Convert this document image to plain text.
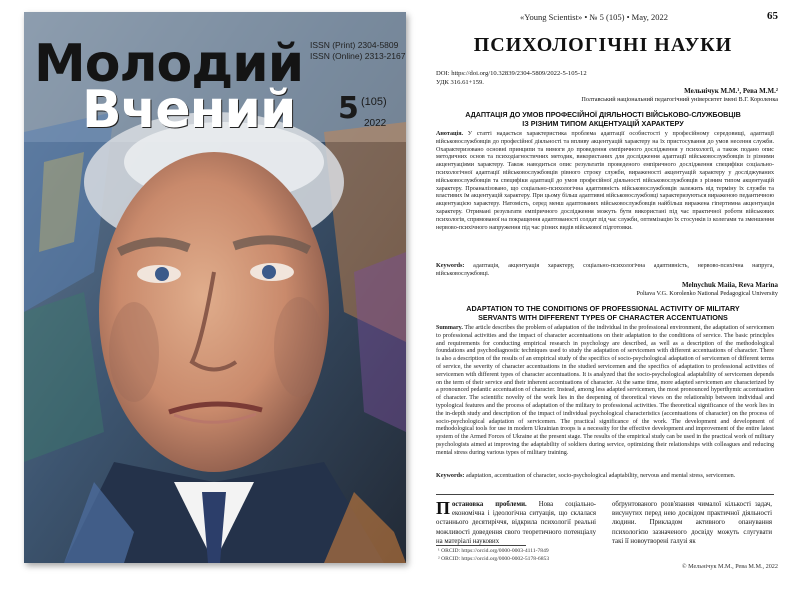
Молодий
Вчений
ISSN (Print) 2304-5809
ISSN (Online) 2313-2167
5 (105)
2022
«Young Scientist» • № 5 (105) • May, 2022	65
ПСИХОЛОГІЧНІ НАУКИ
DOI: https://doi.org/10.32839/2304-5809/2022-5-105-12
УДК 316.61+159.
Мельнічук М.М.¹, Рева М.М.²
Полтавський національний педагогічний університет імені В.Г. Короленка
АДАПТАЦІЯ ДО УМОВ ПРОФЕСІЙНОЇ ДІЯЛЬНОСТІ ВІЙСЬКОВО-СЛУЖБОВЦІВ
ІЗ РІЗНИМ ТИПОМ АКЦЕНТУАЦІЙ ХАРАКТЕРУ
Анотація. У статті надається характеристика проблема адаптації особистості у професійному середовищі, адаптації військовослужбовців до професійної діяльності та впливу акцентуацій характеру на їх пристосування до умов несення служби. Охарактеризовано основні принципи та вимоги до проведення емпіричного дослідження у психології, а також подано опис методичних основ та психодіагностичних методик, використаних для дослідження адаптації військовослужбовців із різними акцентуаціями характеру. Також наводиться опис результатів проведеного емпіричного дослідження специфіки соціально-психологічної адаптації військовослужбовців рівного строку служби, вираженості акцентуацій характеру у досліджуваних військовослужбовців та специфіки адаптації до умов професійної діяльності військовослужбовців з різним типом акцентуацій характеру. Проаналізовано, що соціально-психологічна адаптивність військовослужбовців залежить від терміну їх служби та властивих їм акцентуацій характеру. При цьому більш адаптивні військовослужбовці характеризуються вираженою педантичною акцентуацією характеру. Натомість, серед менш адаптованих військовослужбовців найбільш виражена гіпертимна акцентуація характеру. Отримані результати емпіричного дослідження можуть бути використані під час практичної роботи військових психологів, спрямованої на покращення адаптованості солдат під час служби, оптимізацію їх стосунків із колегами та зменшення нервово-психічного напруження під час різних видів військової підготовки.
Keywords: адаптація, акцентуація характеру, соціально-психологічна адаптивність, нервово-психічна напруга, військовослужбовці.
Melnychuk Maiia, Reva Marina
Poltava V.G. Korolenko National Pedagogical University
ADAPTATION TO THE CONDITIONS OF PROFESSIONAL ACTIVITY OF MILITARY
SERVANTS WITH DIFFERENT TYPES OF CHARACTER ACCENTUATIONS
Summary. The article describes the problem of adaptation of the individual in the professional environment, the adaptation of servicemen to professional activities and the impact of character accentuations on their adaptation to the conditions of service. The basic principles and requirements for conducting empirical research in psychology are described, as well as a description of the methodological foundations and psychodiagnostic techniques used to study the adaptation of servicemen with different accentuations of character. There is also a description of the results of an empirical study of the specifics of socio-psychological adaptation of servicemen of different terms of service, the severity of character accentuations in the studied servicemen and the specifics of adaptation to professional activities of servicemen with different types of character accentuations. It is analyzed that the socio-psychological adaptability of servicemen depends on the term of their service and their inherent accentuations of character. At the same time, more adapted servicemen are characterized by a pronounced pedantic accentuation of character. Instead, among less adapted servicemen, the most pronounced hyperthymic accentuation of character. The scientific novelty of the work lies in the deepening of theoretical views on the relationship between individual and typological features and the process of adaptation of the military to professional activities. The theoretical significance of the work lies in the in-depth study and description of the impact of individual psychological characteristics (accentuations of character) on the process of socio-psychological adaptation of servicemen. The practical significance of the work. The development and development of methodological tools for use in modern Ukrainian troops is a necessity for the effective development and improvement of the entire latest system of the Armed Forces of Ukraine at the present stage. The results of the empirical study can be used in the practical work of military psychologists aimed at improving the adaptability of soldiers during service, optimizing their relationships with colleagues and reducing mental stress during various types of military training.
Keywords: adaptation, accentuation of character, socio-psychological adaptability, nervous and mental stress, servicemen.
Постановка проблеми. Нова соціально-економічна і ідеологічна ситуація, що склалася останнього десятиріччя, відкрила психології реальні можливості доведення свого теоретичного потенціалу на матеріалі наукових
обґрунтованого розв'язання чималої кількості задач, висунутих перед нею досвідом практичної діяльності людини. Прикладом активного опанування психологією зазначеного досвіду можуть слугувати такі її новоутворені галузі як
¹ ORCID: https://orcid.org/0000-0003-4111-7849
² ORCID: https://orcid.org/0000-0002-5178-6853
© Мельнічук М.М., Рева М.М., 2022
